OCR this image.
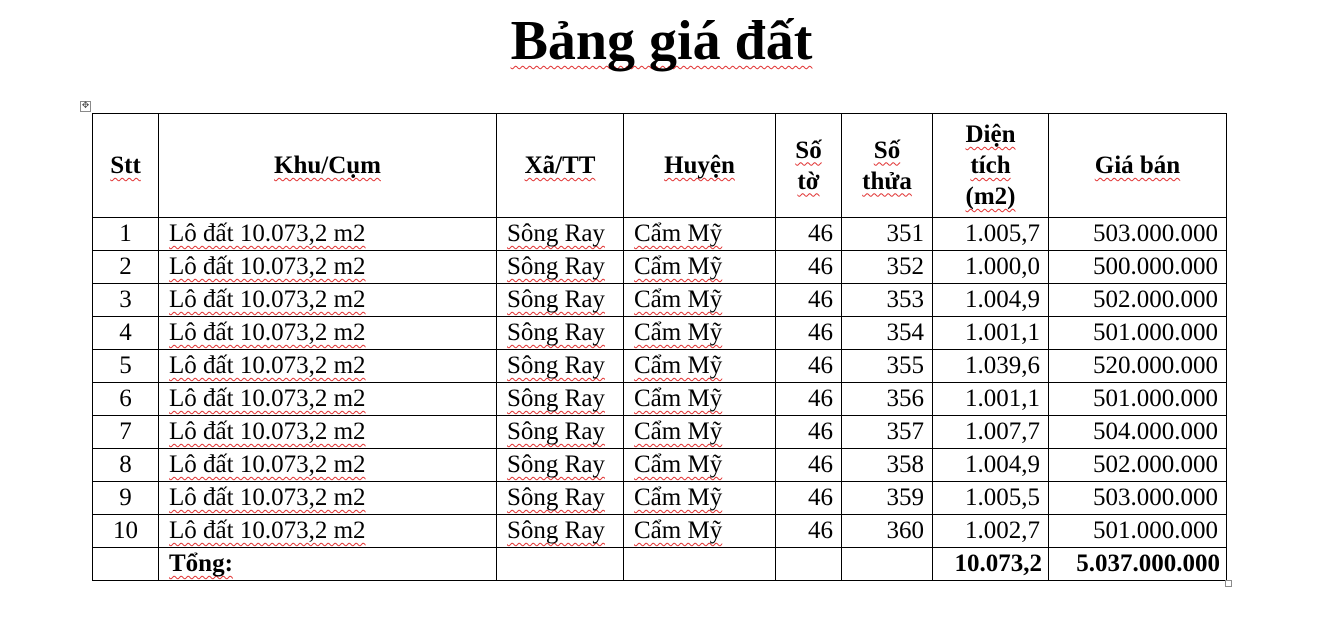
Bảng giá đất
✥
Stt	Khu/Cụm	Xã/TT	Huyện	Số tờ	Số thửa	Diện tích (m2)	Giá bán
1	Lô đất 10.073,2 m2	Sông Ray	Cẩm Mỹ	46	351	1.005,7	503.000.000
2	Lô đất 10.073,2 m2	Sông Ray	Cẩm Mỹ	46	352	1.000,0	500.000.000
3	Lô đất 10.073,2 m2	Sông Ray	Cẩm Mỹ	46	353	1.004,9	502.000.000
4	Lô đất 10.073,2 m2	Sông Ray	Cẩm Mỹ	46	354	1.001,1	501.000.000
5	Lô đất 10.073,2 m2	Sông Ray	Cẩm Mỹ	46	355	1.039,6	520.000.000
6	Lô đất 10.073,2 m2	Sông Ray	Cẩm Mỹ	46	356	1.001,1	501.000.000
7	Lô đất 10.073,2 m2	Sông Ray	Cẩm Mỹ	46	357	1.007,7	504.000.000
8	Lô đất 10.073,2 m2	Sông Ray	Cẩm Mỹ	46	358	1.004,9	502.000.000
9	Lô đất 10.073,2 m2	Sông Ray	Cẩm Mỹ	46	359	1.005,5	503.000.000
10	Lô đất 10.073,2 m2	Sông Ray	Cẩm Mỹ	46	360	1.002,7	501.000.000
	Tổng:					10.073,2	5.037.000.000
